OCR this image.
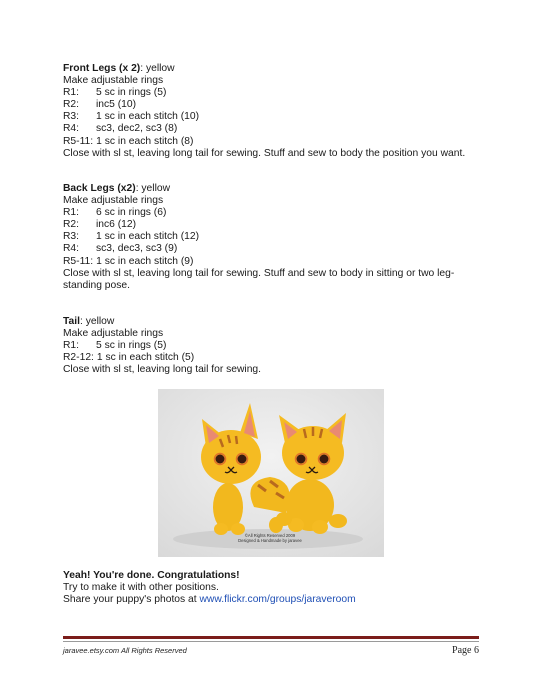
Front Legs (x 2): yellow
Make adjustable rings
R1:	5 sc in rings (5)
R2:	inc5 (10)
R3:	1 sc in each stitch (10)
R4:	sc3, dec2, sc3 (8)
R5-11: 1 sc in each stitch (8)
Close with sl st, leaving long tail for sewing. Stuff and sew to body the position you want.
Back Legs (x2): yellow
Make adjustable rings
R1:	6 sc in rings (6)
R2:	inc6 (12)
R3:	1 sc in each stitch (12)
R4:	sc3, dec3, sc3 (9)
R5-11: 1 sc in each stitch (9)
Close with sl st, leaving long tail for sewing. Stuff and sew to body in sitting or two leg-standing pose.
Tail: yellow
Make adjustable rings
R1:	5 sc in rings (5)
R2-12: 1 sc in each stitch (5)
Close with sl st, leaving long tail for sewing.
©All Rights Reserved 2009
Designed & Handmade by jaravee
Yeah! You're done. Congratulations!
Try to make it with other positions.
Share your puppy's photos at www.flickr.com/groups/jaraveroom
jaravee.etsy.com All Rights Reserved	Page 6
